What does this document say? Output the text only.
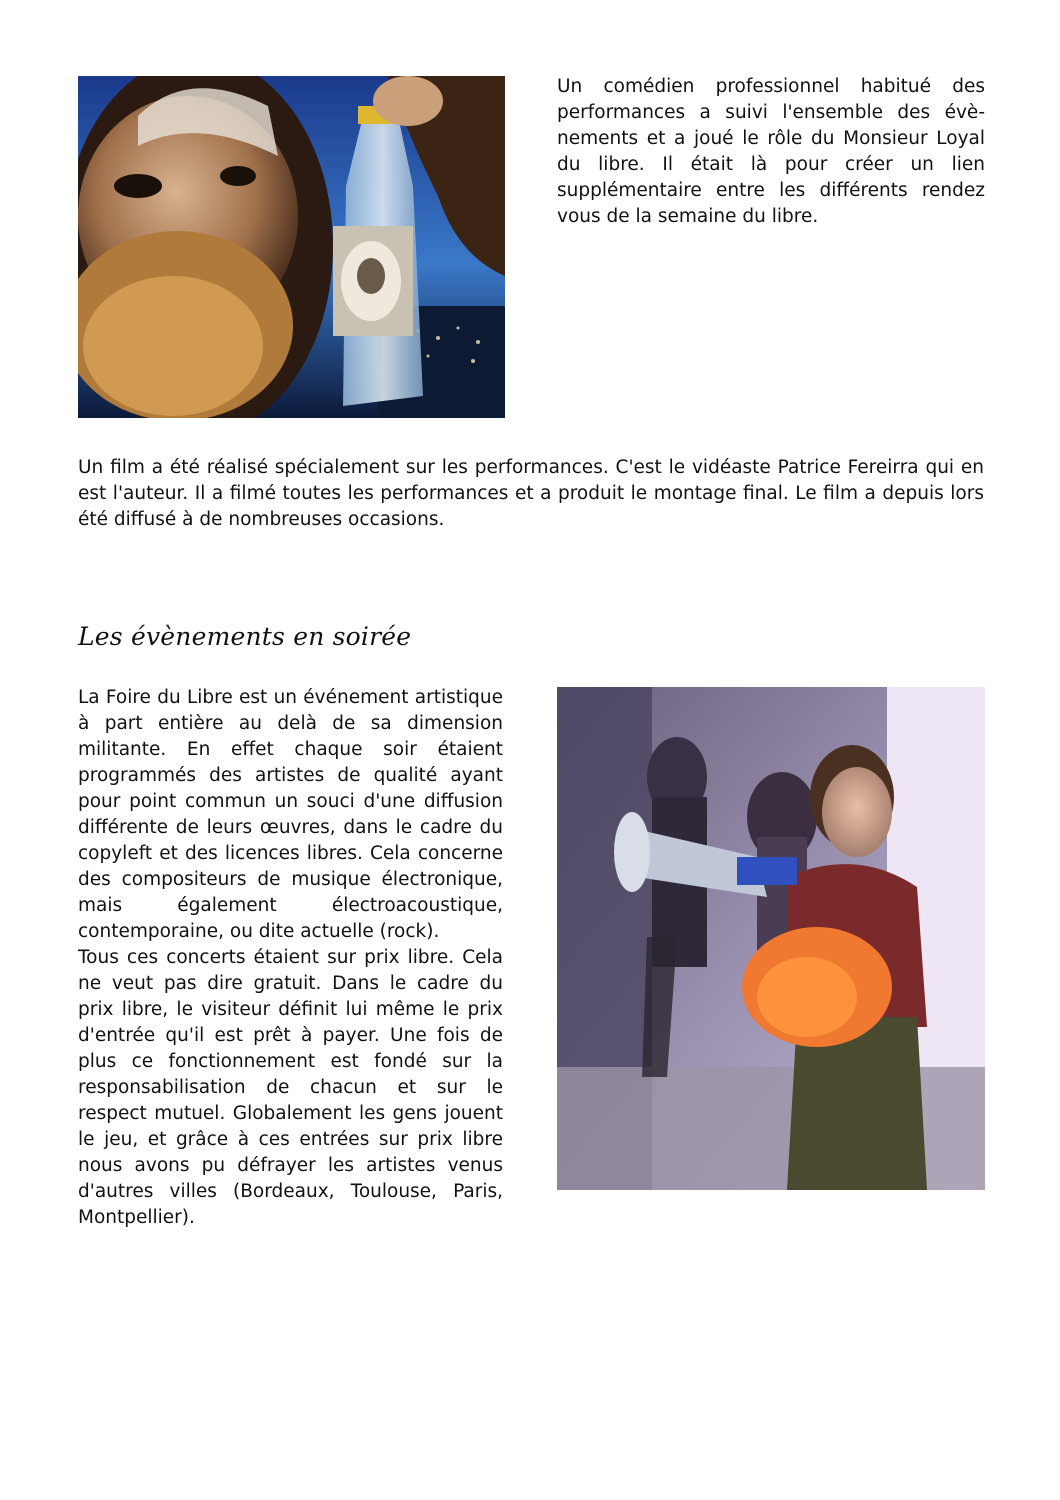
Un comédien professionnel habitué des performances a suivi l'ensemble des évènements et a joué le rôle du Monsieur Loyal du libre. Il était là pour créer un lien supplémentaire entre les différents rendez vous de la semaine du libre.

Un film a été réalisé spécialement sur les performances. C'est le vidéaste Patrice Fereirra qui en est l'auteur. Il a filmé toutes les performances et a produit le montage final. Le film a depuis lors été diffusé à de nombreuses occasions.

Les évènements en soirée
La Foire du Libre est un événement artistique à part entière au delà de sa dimension militante. En effet chaque soir étaient programmés des artistes de qualité ayant pour point commun un souci d'une diffusion différente de leurs œuvres, dans le cadre du copyleft et des licences libres. Cela concerne des compositeurs de musique électronique, mais également électroacoustique, contemporaine, ou dite actuelle (rock).
Tous ces concerts étaient sur prix libre. Cela ne veut pas dire gratuit. Dans le cadre du prix libre, le visiteur définit lui même le prix d'entrée qu'il est prêt à payer. Une fois de plus ce fonctionnement est fondé sur la responsabilisation de chacun et sur le respect mutuel. Globalement les gens jouent le jeu, et grâce à ces entrées sur prix libre nous avons pu défrayer les artistes venus d'autres villes (Bordeaux, Toulouse, Paris, Montpellier).
